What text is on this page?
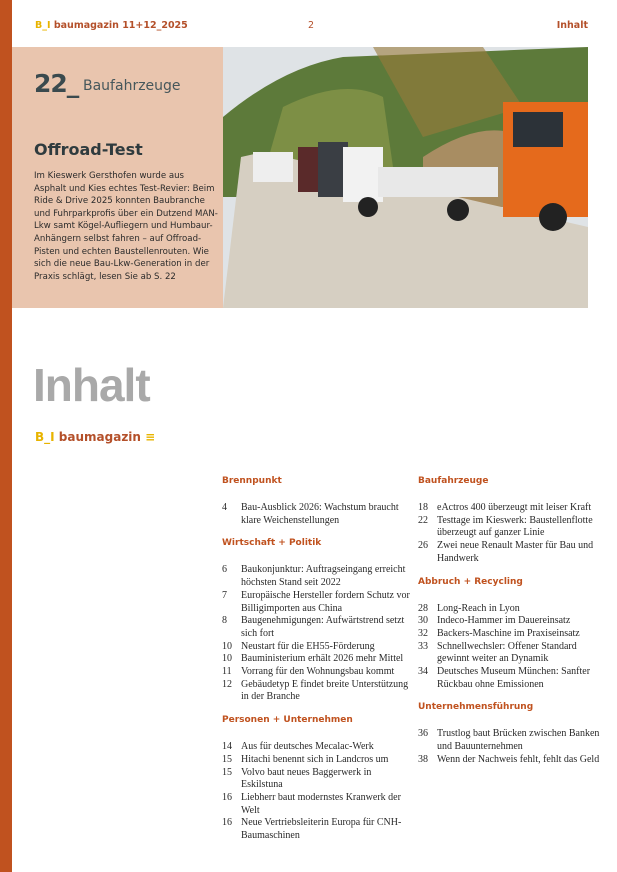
B_I baumagazin 11+12_2025	2	Inhalt
22_ Baufahrzeuge
Offroad-Test
Im Kieswerk Gersthofen wurde aus Asphalt und Kies echtes Test-Revier: Beim Ride & Drive 2025 konnten Baubranche und Fuhrparkprofis über ein Dutzend MAN-Lkw samt Kögel-Aufliegern und Humbaur-Anhängern selbst fahren – auf Offroad-Pisten und echten Baustellenrouten. Wie sich die neue Bau-Lkw-Generation in der Praxis schlägt, lesen Sie ab S. 22
Inhalt
B_I baumagazin ≡
Brennpunkt
4	Bau-Ausblick 2026: Wachstum braucht klare Weichenstellungen
Wirtschaft + Politik
6	Baukonjunktur: Auftragseingang erreicht höchsten Stand seit 2022
7	Europäische Hersteller fordern Schutz vor Billigimporten aus China
8	Baugenehmigungen: Aufwärtstrend setzt sich fort
10 Neustart für die EH55-Förderung
10 Bauministerium erhält 2026 mehr Mittel
11 Vorrang für den Wohnungsbau kommt
12 Gebäudetyp E findet breite Unterstützung in der Branche
Personen + Unternehmen
14 Aus für deutsches Mecalac-Werk
15 Hitachi benennt sich in Landcros um
15 Volvo baut neues Baggerwerk in Eskilstuna
16 Liebherr baut modernstes Kranwerk der Welt
16 Neue Vertriebsleiterin Europa für CNH-Baumaschinen
Baufahrzeuge
18 eActros 400 überzeugt mit leiser Kraft
22 Testtage im Kieswerk: Baustellenflotte überzeugt auf ganzer Linie
26 Zwei neue Renault Master für Bau und Handwerk
Abbruch + Recycling
28 Long-Reach in Lyon
30 Indeco-Hammer im Dauereinsatz
32 Backers-Maschine im Praxiseinsatz
33 Schnellwechsler: Offener Standard gewinnt weiter an Dynamik
34 Deutsches Museum München: Sanfter Rückbau ohne Emissionen
Unternehmensführung
36 Trustlog baut Brücken zwischen Banken und Bauunternehmen
38 Wenn der Nachweis fehlt, fehlt das Geld
